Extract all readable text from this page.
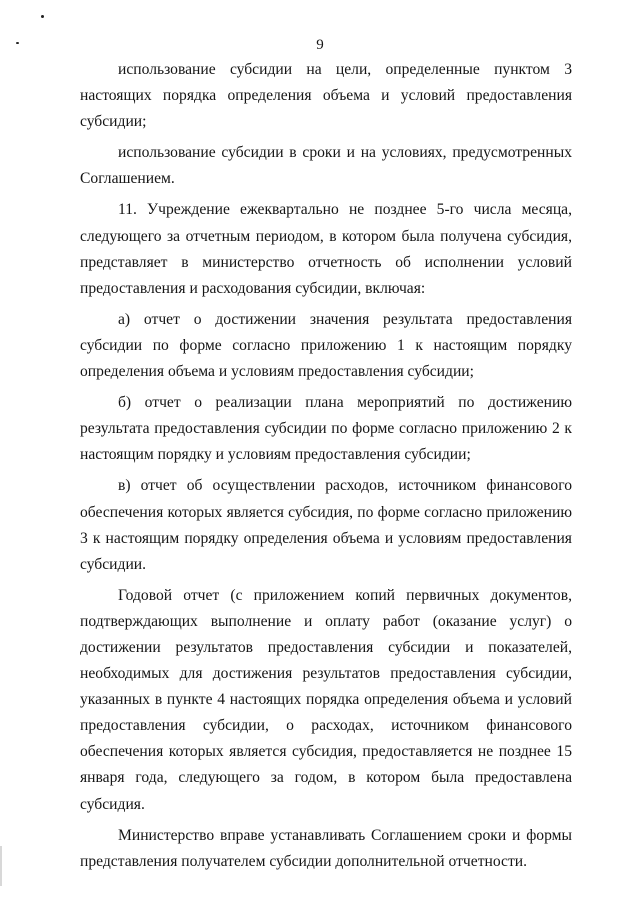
9

использование субсидии на цели, определенные пунктом 3 настоящих порядка определения объема и условий предоставления субсидии;

использование субсидии в сроки и на условиях, предусмотренных Соглашением.

11. Учреждение ежеквартально не позднее 5-го числа месяца, следующего за отчетным периодом, в котором была получена субсидия, представляет в министерство отчетность об исполнении условий предоставления и расходования субсидии, включая:

а) отчет о достижении значения результата предоставления субсидии по форме согласно приложению 1 к настоящим порядку определения объема и условиям предоставления субсидии;

б) отчет о реализации плана мероприятий по достижению результата предоставления субсидии по форме согласно приложению 2 к настоящим порядку и условиям предоставления субсидии;

в) отчет об осуществлении расходов, источником финансового обеспечения которых является субсидия, по форме согласно приложению 3 к настоящим порядку определения объема и условиям предоставления субсидии.

Годовой отчет (с приложением копий первичных документов, подтверждающих выполнение и оплату работ (оказание услуг) о достижении результатов предоставления субсидии и показателей, необходимых для достижения результатов предоставления субсидии, указанных в пункте 4 настоящих порядка определения объема и условий предоставления субсидии, о расходах, источником финансового обеспечения которых является субсидия, предоставляется не позднее 15 января года, следующего за годом, в котором была предоставлена субсидия.

Министерство вправе устанавливать Соглашением сроки и формы представления получателем субсидии дополнительной отчетности.
